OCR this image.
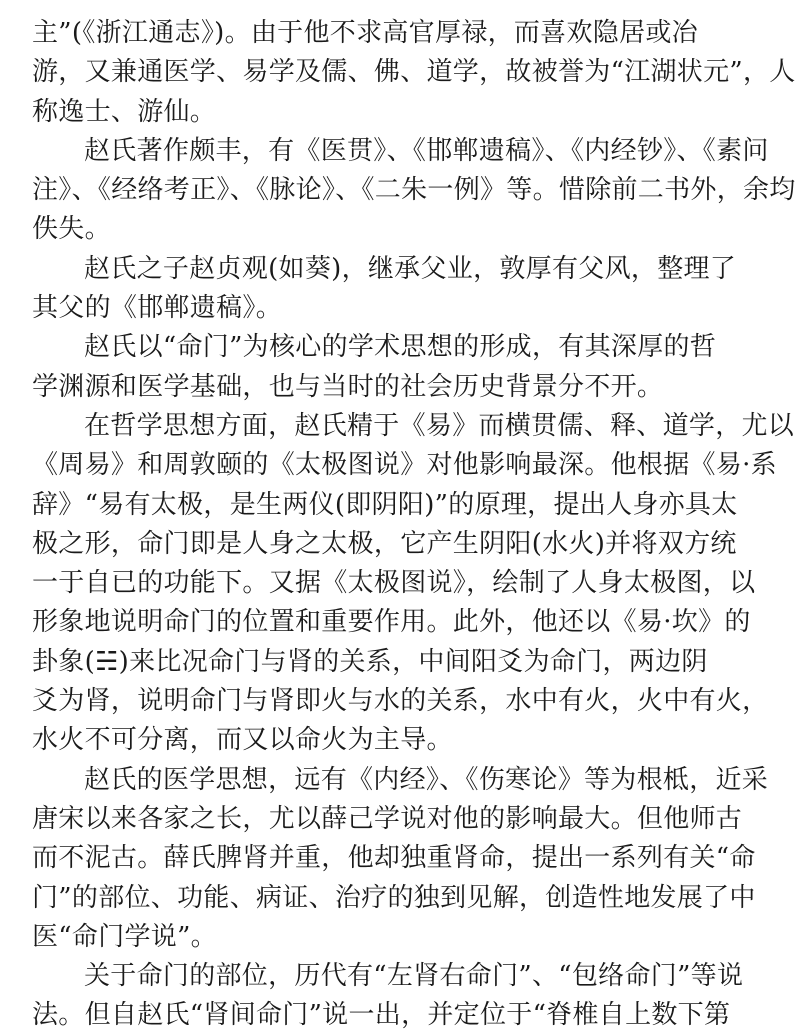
主”(《浙江通志》)。由于他不求高官厚禄，而喜欢隐居或冶
游，又兼通医学、易学及儒、佛、道学，故被誉为“江湖状元”，人
称逸士、游仙。
赵氏著作颇丰，有《医贯》、《邯郸遗稿》、《内经钞》、《素问
注》、《经络考正》、《脉论》、《二朱一例》等。惜除前二书外，余均
佚失。
赵氏之子赵贞观(如葵)，继承父业，敦厚有父风，整理了
其父的《邯郸遗稿》。
赵氏以“命门”为核心的学术思想的形成，有其深厚的哲
学渊源和医学基础，也与当时的社会历史背景分不开。
在哲学思想方面，赵氏精于《易》而横贯儒、释、道学，尤以
《周易》和周敦颐的《太极图说》对他影响最深。他根据《易·系
辞》“易有太极，是生两仪(即阴阳)”的原理，提出人身亦具太
极之形，命门即是人身之太极，它产生阴阳(水火)并将双方统
一于自已的功能下。又据《太极图说》，绘制了人身太极图，以
形象地说明命门的位置和重要作用。此外，他还以《易·坎》的
卦象(☵)来比况命门与肾的关系，中间阳爻为命门，两边阴
爻为肾，说明命门与肾即火与水的关系，水中有火，火中有火，
水火不可分离，而又以命火为主导。
赵氏的医学思想，远有《内经》、《伤寒论》等为根柢，近采
唐宋以来各家之长，尤以薛己学说对他的影响最大。但他师古
而不泥古。薛氏脾肾并重，他却独重肾命，提出一系列有关“命
门”的部位、功能、病证、治疗的独到见解，创造性地发展了中
医“命门学说”。
关于命门的部位，历代有“左肾右命门”、“包络命门”等说
法。但自赵氏“肾间命门”说一出，并定位于“脊椎自上数下第
